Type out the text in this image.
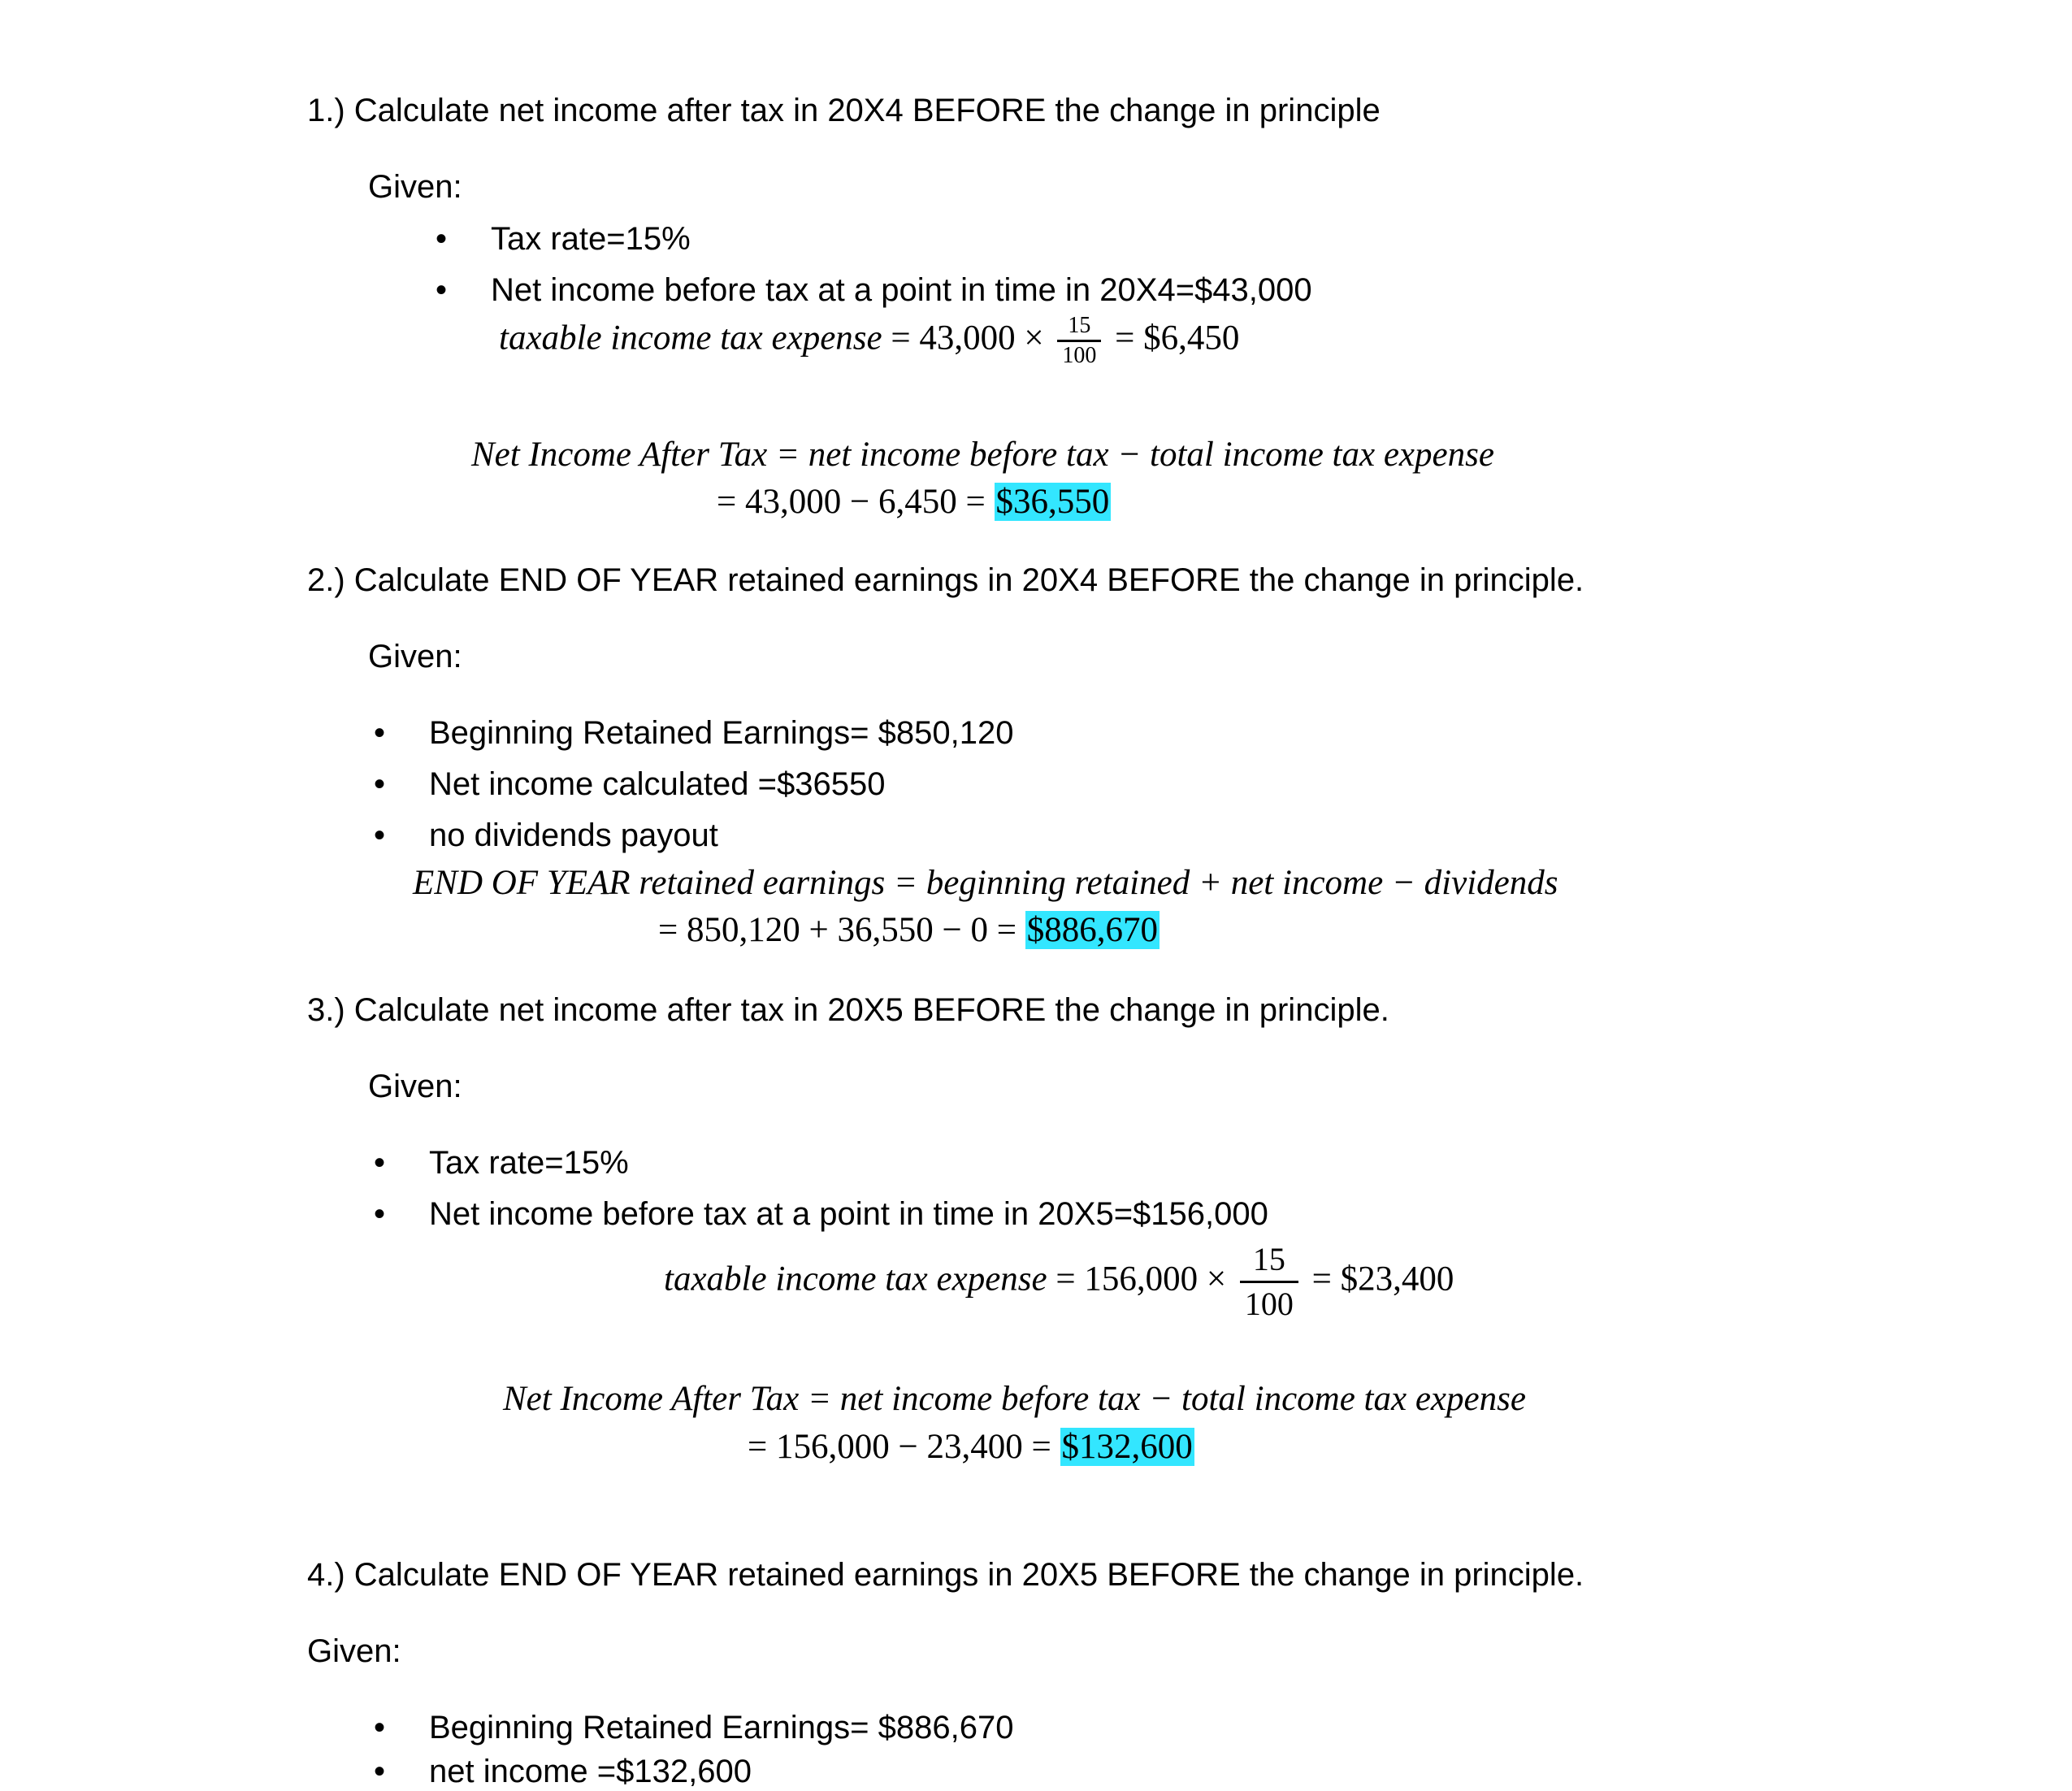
1.) Calculate net income after tax in 20X4 BEFORE the change in principle
Given:
• Tax rate=15%
• Net income before tax at a point in time in 20X4=$43,000
taxable income tax expense = $43,000 \times \frac{15}{100}$ = $6,450
Net Income After Tax = net income before tax − total income tax expense
= 43,000 − 6,450 = $36,550
2.) Calculate END OF YEAR retained earnings in 20X4 BEFORE the change in principle.
Given:
• Beginning Retained Earnings= $850,120
• Net income calculated =$36550
• no dividends payout
END OF YEAR retained earnings = beginning retained + net income − dividends
= 850,120 + 36,550 − 0 = $886,670
3.) Calculate net income after tax in 20X5 BEFORE the change in principle.
Given:
• Tax rate=15%
• Net income before tax at a point in time in 20X5=$156,000
taxable income tax expense = $156,000 \times \frac{15}{100}$ = $23,400
Net Income After Tax = net income before tax − total income tax expense
= 156,000 − 23,400 = $132,600
4.) Calculate END OF YEAR retained earnings in 20X5 BEFORE the change in principle.
Given:
• Beginning Retained Earnings= $886,670
• net income =$132,600
